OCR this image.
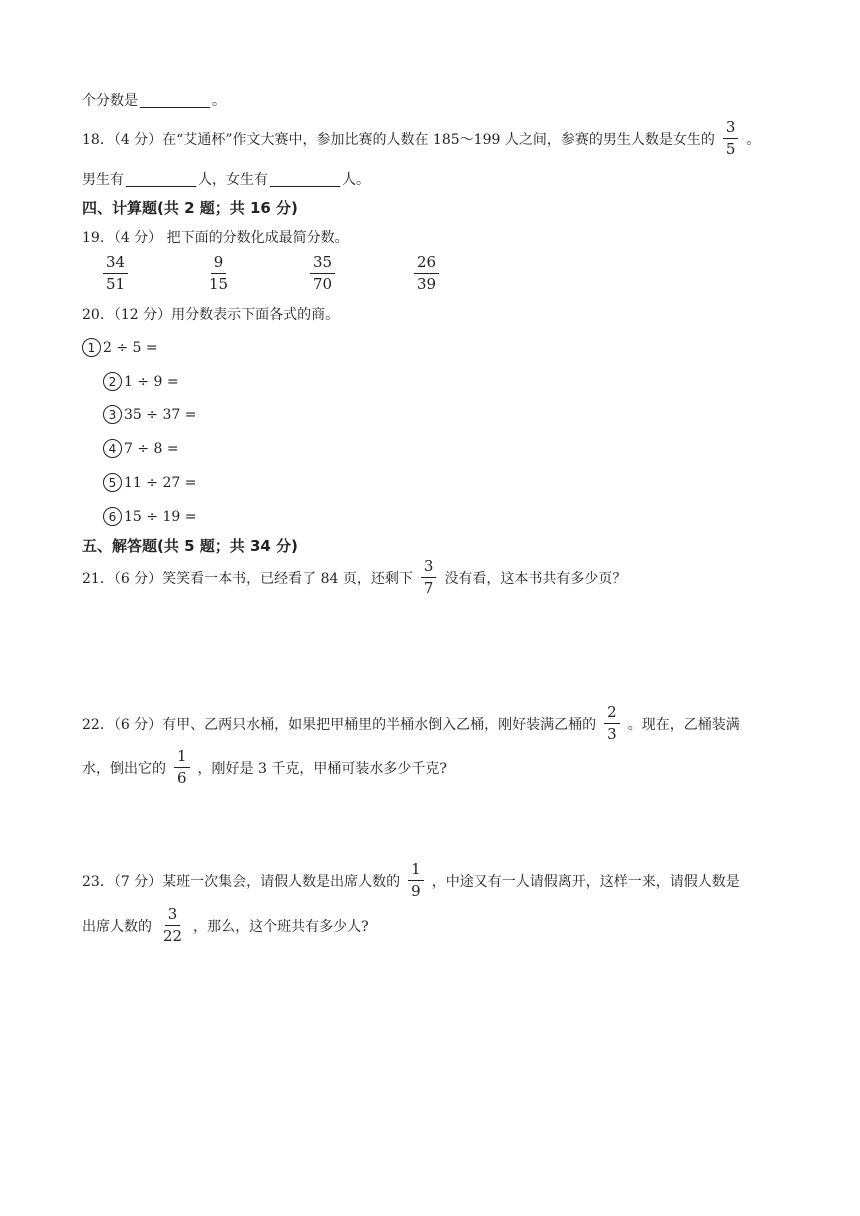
个分数是	。
18．（4 分）在“艾通杯”作文大赛中，参加比赛的人数在 185～199 人之间，参赛的男生人数是女生的 $\frac{3}{5}$ 。
男生有	人，女生有	人。
四、计算题(共 2 题；共 16 分)
19．（4 分） 把下面的分数化成最简分数。
$\frac{34}{51}$	$\frac{9}{15}$	$\frac{35}{70}$	$\frac{26}{39}$
20．（12 分）用分数表示下面各式的商。
1 2 ÷ 5 =
2 1 ÷ 9 =
3 35 ÷ 37 =
4 7 ÷ 8 =
5 11 ÷ 27 =
6 15 ÷ 19 =
五、解答题(共 5 题；共 34 分)
21．（6 分）笑笑看一本书，已经看了 84 页，还剩下 $\frac{3}{7}$ 没有看，这本书共有多少页？
22．（6 分）有甲、乙两只水桶，如果把甲桶里的半桶水倒入乙桶，刚好装满乙桶的 $\frac{2}{3}$ 。现在，乙桶装满
水，倒出它的 $\frac{1}{6}$ ，刚好是 3 千克，甲桶可装水多少千克?
23．（7 分）某班一次集会，请假人数是出席人数的 $\frac{1}{9}$ ，中途又有一人请假离开，这样一来，请假人数是
出席人数的 $\frac{3}{22}$ ，那么，这个班共有多少人?
